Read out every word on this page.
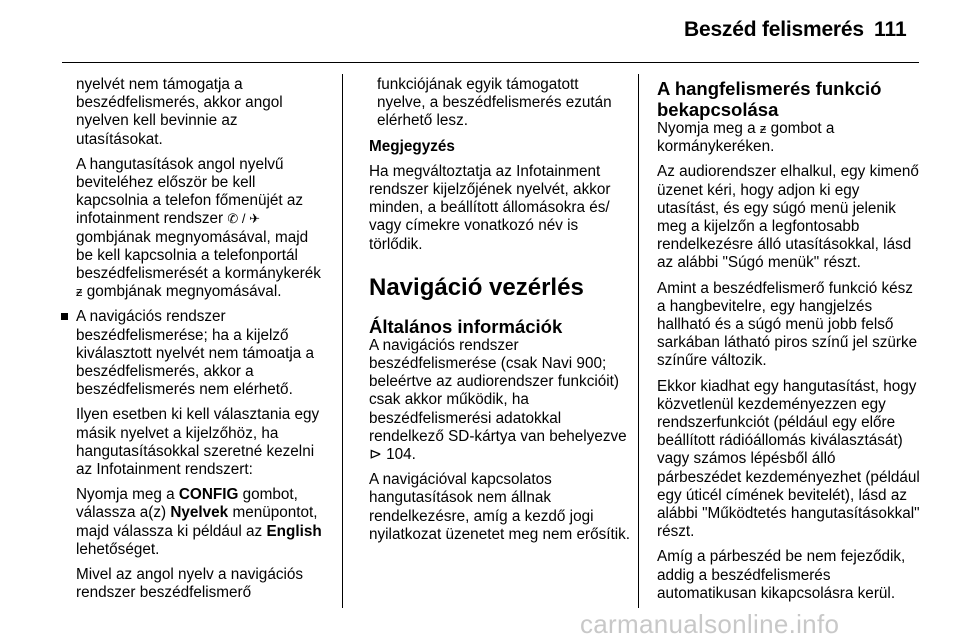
Beszéd felismerés 111

nyelvét nem támogatja a beszédfelismerés, akkor angol nyelven kell bevinnie az utasításokat.

A hangutasítások angol nyelvű beviteléhez először be kell kapcsolnia a telefon főmenüjét az infotainment rendszer ✆ / ✈ gombjának megnyomásával, majd be kell kapcsolnia a telefonportál beszédfelismerését a kormánykerék ᵶ gombjának megnyomásával.

A navigációs rendszer beszédfelismerése; ha a kijelző kiválasztott nyelvét nem támoatja a beszédfelismerés, akkor a beszédfelismerés nem elérhető.

Ilyen esetben ki kell választania egy másik nyelvet a kijelzőhöz, ha hangutasításokkal szeretné kezelni az Infotainment rendszert:

Nyomja meg a CONFIG gombot, válassza a(z) Nyelvek menüpontot, majd válassza ki például az English lehetőséget.

Mivel az angol nyelv a navigációs rendszer beszédfelismerő

funkciójának egyik támogatott nyelve, a beszédfelismerés ezután elérhető lesz.

Megjegyzés

Ha megváltoztatja az Infotainment rendszer kijelzőjének nyelvét, akkor minden, a beállított állomásokra és/ vagy címekre vonatkozó név is törlődik.

Navigáció vezérlés
Általános információk

A navigációs rendszer beszédfelismerése (csak Navi 900; beleértve az audiorendszer funkcióit) csak akkor működik, ha beszédfelismerési adatokkal rendelkező SD-kártya van behelyezve ⊳ 104.

A navigációval kapcsolatos hangutasítások nem állnak rendelkezésre, amíg a kezdő jogi nyilatkozat üzenetet meg nem erősítik.

A hangfelismerés funkció bekapcsolása

Nyomja meg a ᵶ gombot a kormánykeréken.

Az audiorendszer elhalkul, egy kimenő üzenet kéri, hogy adjon ki egy utasítást, és egy súgó menü jelenik meg a kijelzőn a legfontosabb rendelkezésre álló utasításokkal, lásd az alábbi "Súgó menük" részt.

Amint a beszédfelismerő funkció kész a hangbevitelre, egy hangjelzés hallható és a súgó menü jobb felső sarkában látható piros színű jel szürke színűre változik.

Ekkor kiadhat egy hangutasítást, hogy közvetlenül kezdeményezzen egy rendszerfunkciót (például egy előre beállított rádióállomás kiválasztását) vagy számos lépésből álló párbeszédet kezdeményezhet (például egy úticél címének bevitelét), lásd az alábbi "Működtetés hangutasításokkal" részt.

Amíg a párbeszéd be nem fejeződik, addig a beszédfelismerés automatikusan kikapcsolásra kerül.

carmanualsonline.info
